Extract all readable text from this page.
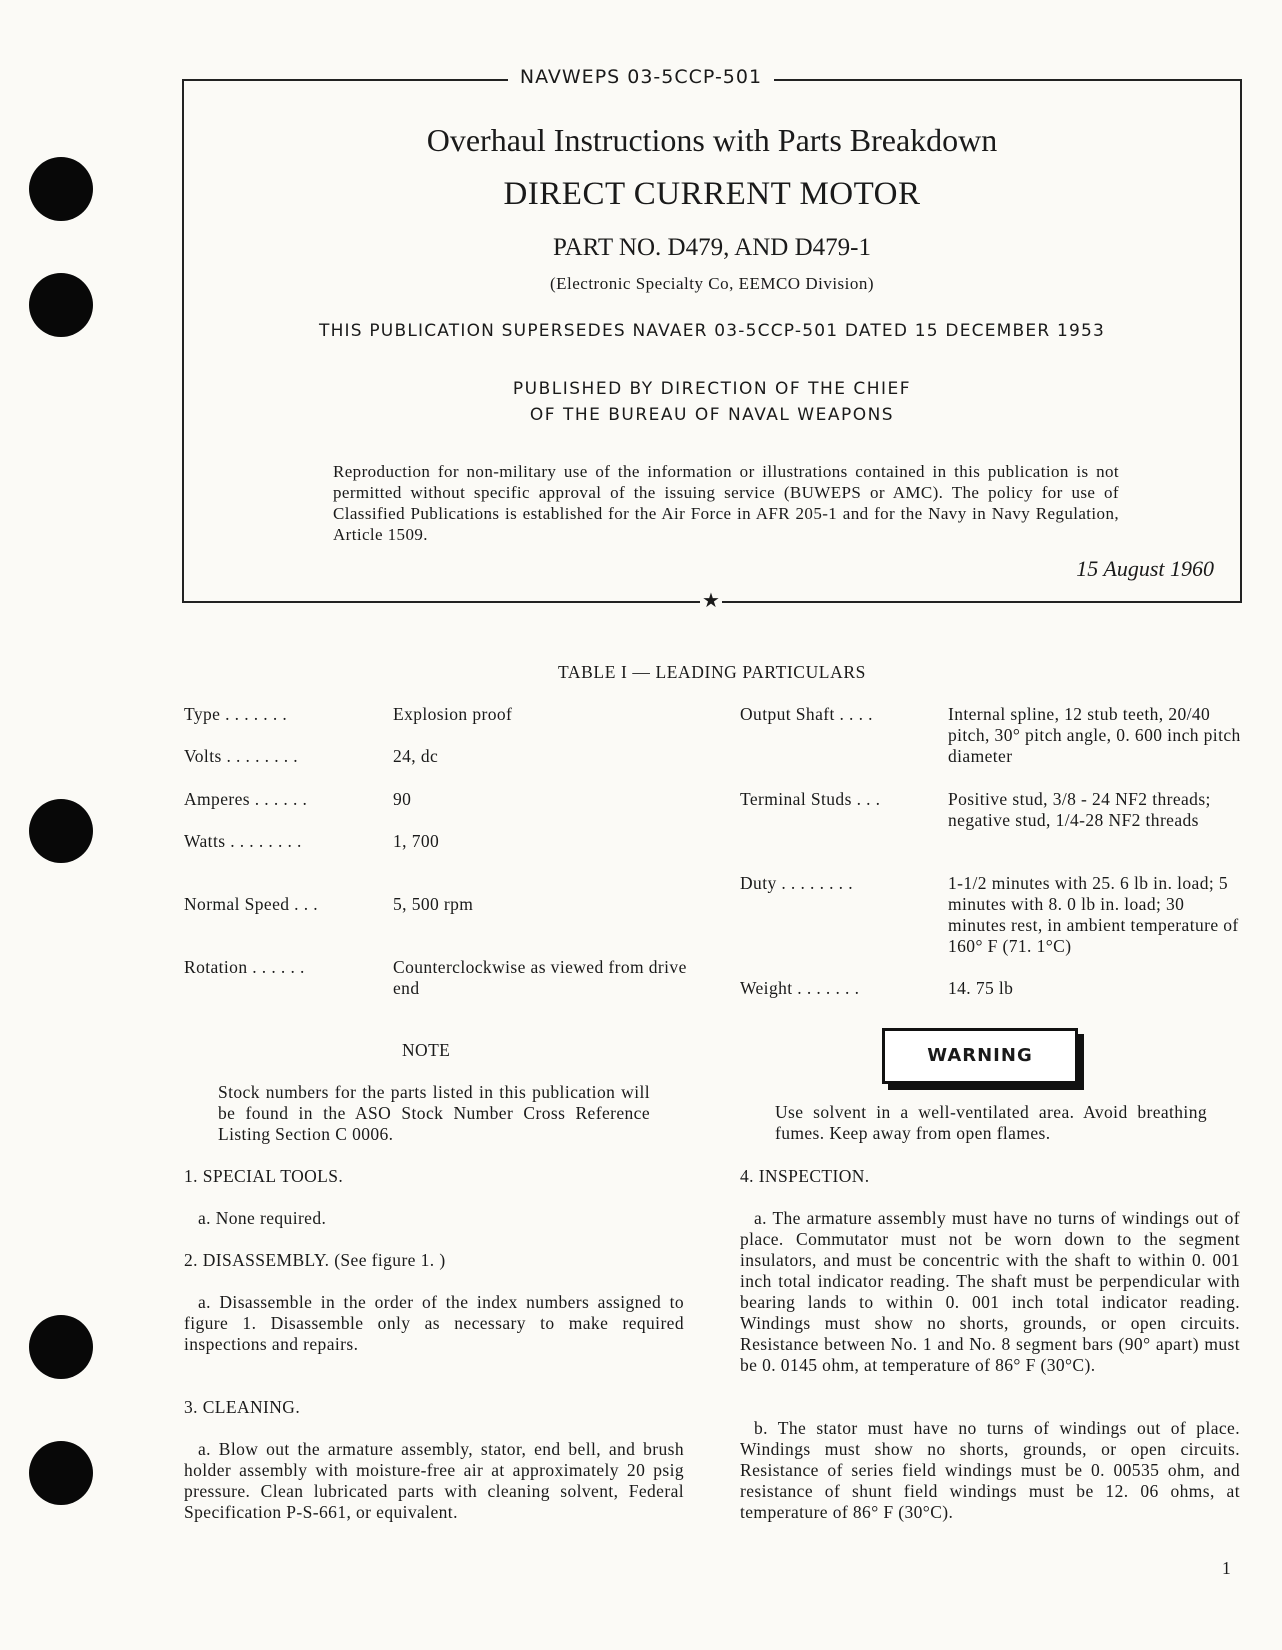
NAVWEPS 03-5CCP-501
Overhaul Instructions with Parts Breakdown
DIRECT CURRENT MOTOR
PART NO. D479, AND D479-1
(Electronic Specialty Co, EEMCO Division)
THIS PUBLICATION SUPERSEDES NAVAER 03-5CCP-501 DATED 15 DECEMBER 1953
PUBLISHED BY DIRECTION OF THE CHIEF
OF THE BUREAU OF NAVAL WEAPONS
Reproduction for non-military use of the information or illustrations contained in this publication is not permitted without specific approval of the issuing service (BUWEPS or AMC). The policy for use of Classified Publications is established for the Air Force in AFR 205-1 and for the Navy in Navy Regulation, Article 1509.
15 August 1960
★
TABLE I — LEADING PARTICULARS
Type . . . . . . .	Explosion proof
Volts . . . . . . . .	24, dc
Amperes . . . . . .	90
Watts . . . . . . . .	1, 700
Normal Speed . . .	5, 500 rpm
Rotation . . . . . .	Counterclockwise as viewed from drive end
Output Shaft . . . .	Internal spline, 12 stub teeth, 20/40 pitch, 30° pitch angle, 0. 600 inch pitch diameter
Terminal Studs . . .	Positive stud, 3/8 - 24 NF2 threads; negative stud, 1/4-28 NF2 threads
Duty . . . . . . . .	1-1/2 minutes with 25. 6 lb in. load; 5 minutes with 8. 0 lb in. load; 30 minutes rest, in ambient temperature of 160° F (71. 1°C)
Weight . . . . . . .	14. 75 lb
NOTE
Stock numbers for the parts listed in this publication will be found in the ASO Stock Number Cross Reference Listing Section C 0006.
1. SPECIAL TOOLS.
a. None required.
2. DISASSEMBLY. (See figure 1. )
a. Disassemble in the order of the index numbers assigned to figure 1. Disassemble only as necessary to make required inspections and repairs.
3. CLEANING.
a. Blow out the armature assembly, stator, end bell, and brush holder assembly with moisture-free air at approximately 20 psig pressure. Clean lubricated parts with cleaning solvent, Federal Specification P-S-661, or equivalent.
WARNING
Use solvent in a well-ventilated area. Avoid breathing fumes. Keep away from open flames.
4. INSPECTION.
a. The armature assembly must have no turns of windings out of place. Commutator must not be worn down to the segment insulators, and must be concentric with the shaft to within 0. 001 inch total indicator reading. The shaft must be perpendicular with bearing lands to within 0. 001 inch total indicator reading. Windings must show no shorts, grounds, or open circuits. Resistance between No. 1 and No. 8 segment bars (90° apart) must be 0. 0145 ohm, at temperature of 86° F (30°C).
b. The stator must have no turns of windings out of place. Windings must show no shorts, grounds, or open circuits. Resistance of series field windings must be 0. 00535 ohm, and resistance of shunt field windings must be 12. 06 ohms, at temperature of 86° F (30°C).
1
